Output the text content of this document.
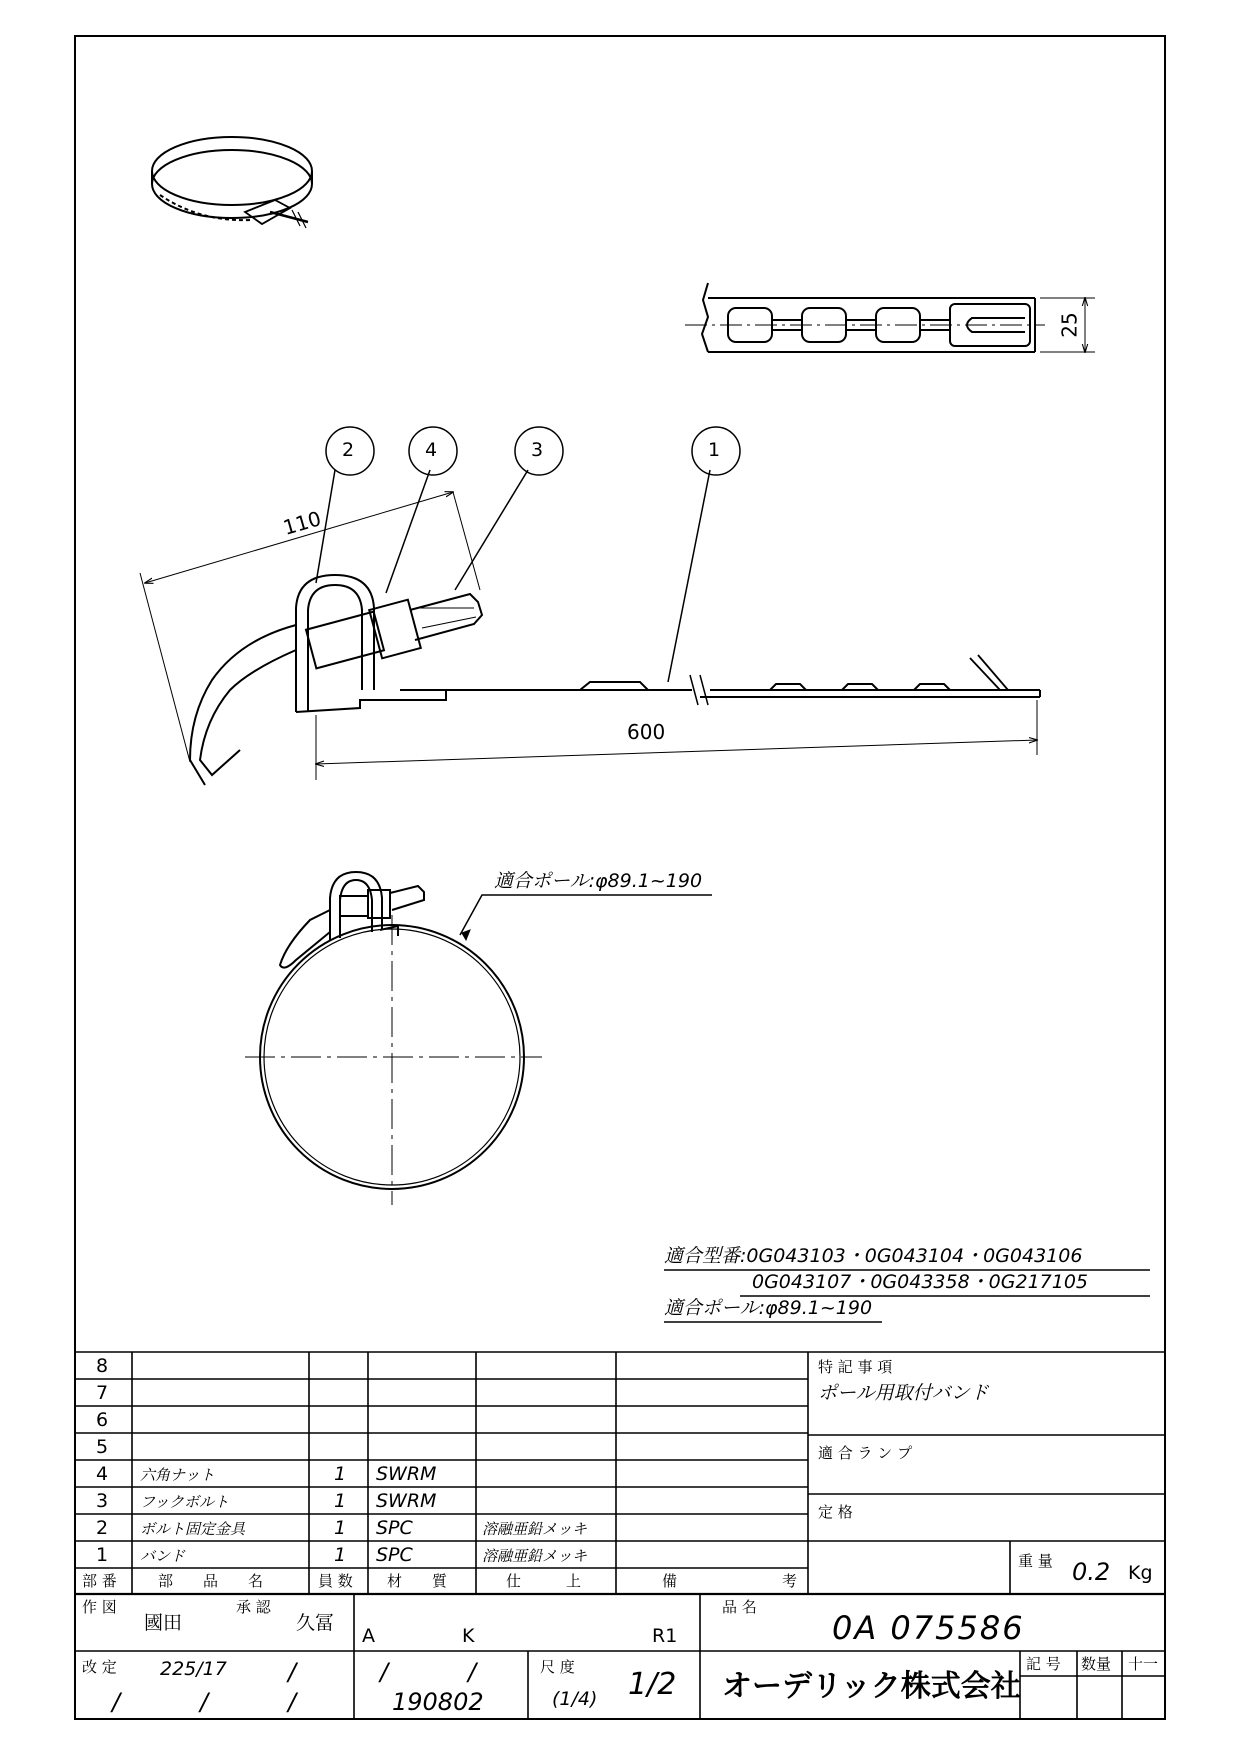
2	4	3	1
25
110
600
適合ポール:φ89.1~190
適合型番:0G043103・0G043104・0G043106
0G043107・0G043358・0G217105
適合ポール:φ89.1~190
8
7
6
5
4 六角ナット	1 SWRM
3 フックボルト	1 SWRM
2 ボルト固定金具	1 SPC	溶融亜鉛メッキ
1 バンド	1 SPC	溶融亜鉛メッキ
部 番	部　　品　　名	員 数 材　　質	仕　　　上	備　　　　　　　考
特 記 事 項
ポール用取付バンド
適 合 ラ ン プ
定 格
重 量 0.2 Kg
作 図
國田
承 認
久冨
A	K	R1
品 名
0A 075586
改 定 225/17	/	/	/
/	/	/	190802
尺 度
(1/4) 1/2 オーデリック株式会社
記 号 数量 十一
